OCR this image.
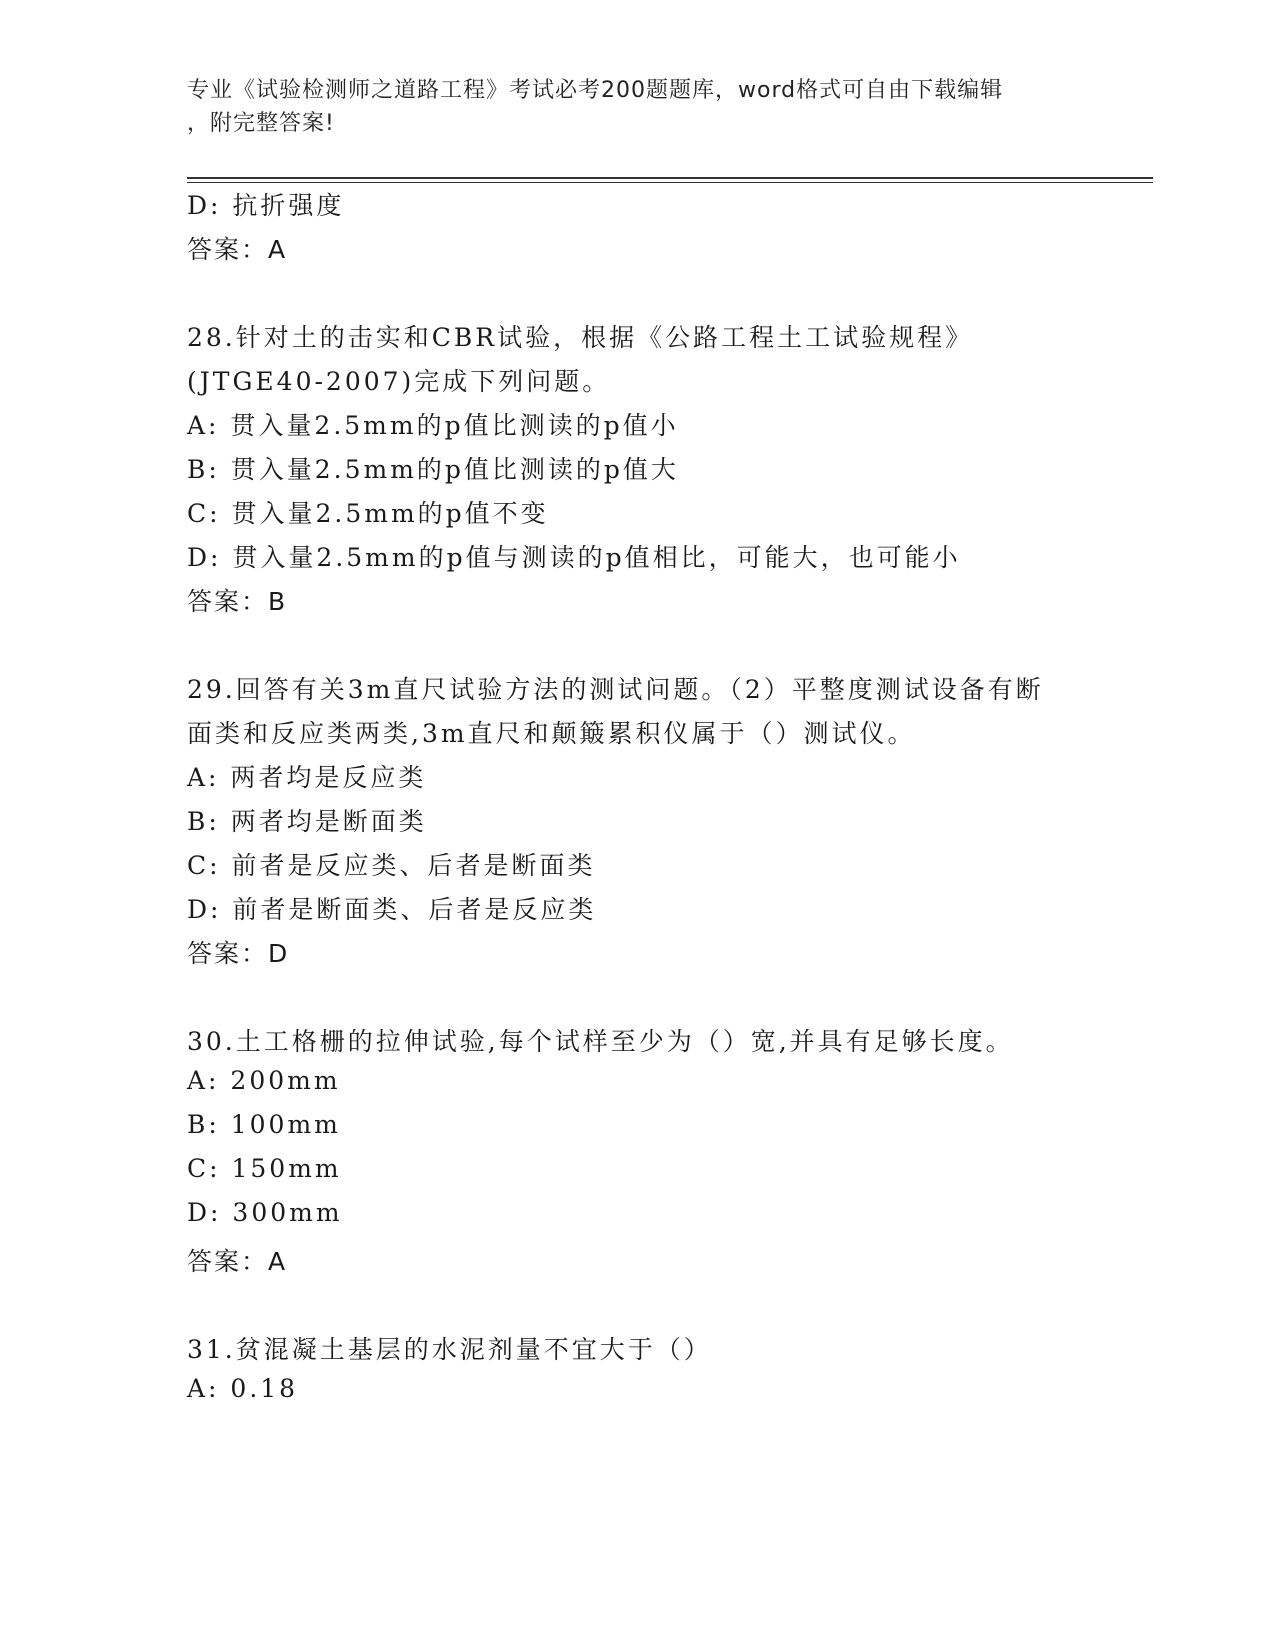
专业《试验检测师之道路工程》考试必考200题题库，word格式可自由下载编辑
，附完整答案!
D: 抗折强度
答案：A
28.针对土的击实和CBR试验，根据《公路工程土工试验规程》
(JTGE40-2007)完成下列问题。
A: 贯入量2.5mm的p值比测读的p值小
B: 贯入量2.5mm的p值比测读的p值大
C: 贯入量2.5mm的p值不变
D: 贯入量2.5mm的p值与测读的p值相比，可能大，也可能小
答案：B
29.回答有关3m直尺试验方法的测试问题。（2）平整度测试设备有断
面类和反应类两类,3m直尺和颠簸累积仪属于（）测试仪。
A: 两者均是反应类
B: 两者均是断面类
C: 前者是反应类、后者是断面类
D: 前者是断面类、后者是反应类
答案：D
30.土工格栅的拉伸试验,每个试样至少为（）宽,并具有足够长度。
A: 200mm
B: 100mm
C: 150mm
D: 300mm
答案：A
31.贫混凝土基层的水泥剂量不宜大于（）
A: 0.18
